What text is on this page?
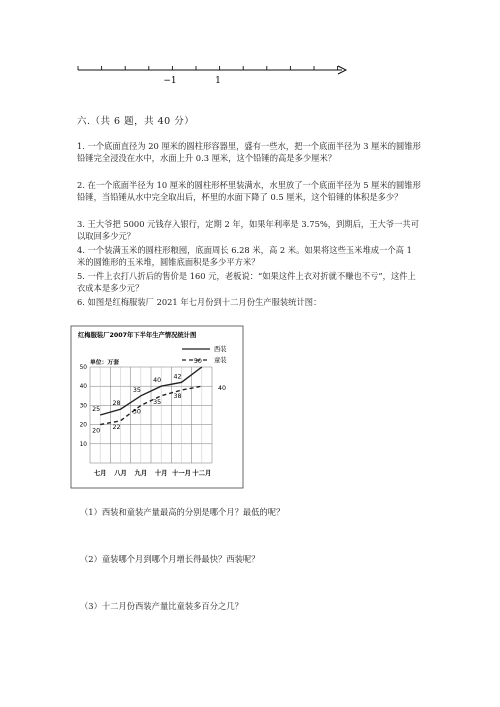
−1	1
六.（共 6 题，共 40 分）
1. 一个底面直径为 20 厘米的圆柱形容器里，盛有一些水，把一个底面半径为 3 厘米的圆锥形铅锤完全浸没在水中，水面上升 0.3 厘米，这个铅锤的高是多少厘米？
2. 在一个底面半径为 10 厘米的圆柱形杯里装满水，水里放了一个底面半径为 5 厘米的圆锥形铅锤，当铅锤从水中完全取出后，杯里的水面下降了 0.5 厘米，这个铅锤的体积是多少？
3. 王大爷把 5000 元钱存入银行，定期 2 年，如果年利率是 3.75%，到期后，王大爷一共可以取回多少元？
4. 一个装满玉米的圆柱形粮囤，底面周长 6.28 米，高 2 米。如果将这些玉米堆成一个高 1 米的圆锥形的玉米堆，圆锥底面积是多少平方米？
5. 一件上衣打八折后的售价是 160 元，老板说：“如果这件上衣对折就不赚也不亏”，这件上衣成本是多少元？
6. 如图是红梅服装厂 2021 年七月份到十二月份生产服装统计图：
红梅服装厂2007年下半年生产情况统计图
单位：万套
西装
童装
10
20
30
40
50
七月 八月 九月 十月 十一月 十二月
25
28
35
40
42
50
20
22
30
35
38
40
（1）西装和童装产量最高的分别是哪个月？最低的呢？
（2）童装哪个月到哪个月增长得最快？西装呢？
（3）十二月份西装产量比童装多百分之几？
